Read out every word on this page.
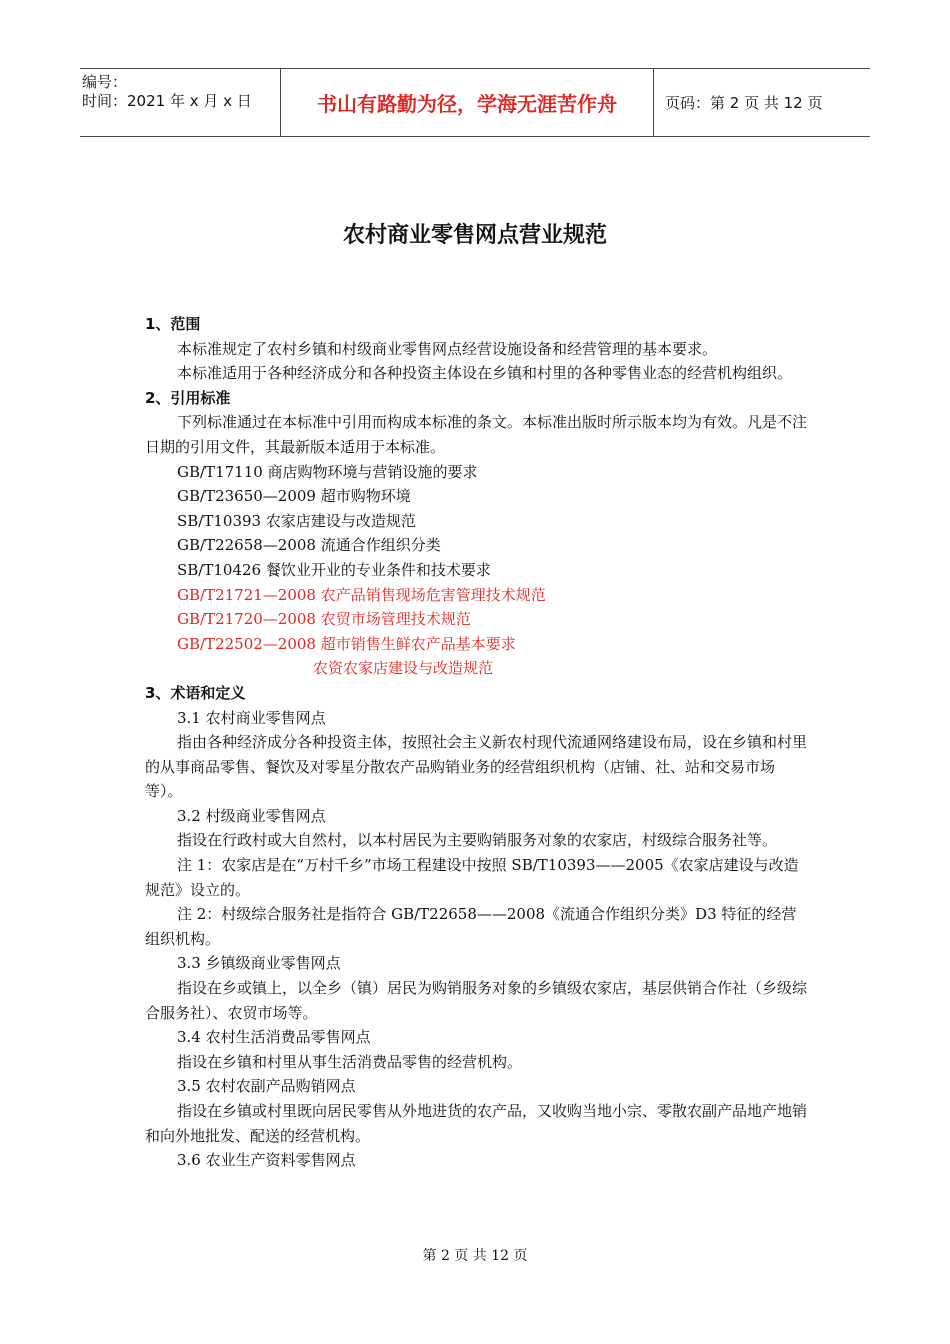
编号：
时间：2021 年 x 月 x 日	书山有路勤为径，学海无涯苦作舟	页码：第 2 页 共 12 页
农村商业零售网点营业规范

1、范围

本标准规定了农村乡镇和村级商业零售网点经营设施设备和经营管理的基本要求。

本标准适用于各种经济成分和各种投资主体设在乡镇和村里的各种零售业态的经营机构组织。

2、引用标准

下列标准通过在本标准中引用而构成本标准的条文。本标准出版时所示版本均为有效。凡是不注日期的引用文件，其最新版本适用于本标准。

GB/T17110 商店购物环境与营销设施的要求

GB/T23650—2009 超市购物环境

SB/T10393 农家店建设与改造规范

GB/T22658—2008 流通合作组织分类

SB/T10426 餐饮业开业的专业条件和技术要求

GB/T21721—2008 农产品销售现场危害管理技术规范

GB/T21720—2008 农贸市场管理技术规范

GB/T22502—2008 超市销售生鲜农产品基本要求

农资农家店建设与改造规范

3、术语和定义

3.1 农村商业零售网点

指由各种经济成分各种投资主体，按照社会主义新农村现代流通网络建设布局，设在乡镇和村里的从事商品零售、餐饮及对零星分散农产品购销业务的经营组织机构（店铺、社、站和交易市场等）。

3.2 村级商业零售网点

指设在行政村或大自然村，以本村居民为主要购销服务对象的农家店，村级综合服务社等。

注 1：农家店是在“万村千乡”市场工程建设中按照 SB/T10393——2005《农家店建设与改造规范》设立的。

注 2：村级综合服务社是指符合 GB/T22658——2008《流通合作组织分类》D3 特征的经营组织机构。

3.3 乡镇级商业零售网点

指设在乡或镇上，以全乡（镇）居民为购销服务对象的乡镇级农家店，基层供销合作社（乡级综合服务社）、农贸市场等。

3.4 农村生活消费品零售网点

指设在乡镇和村里从事生活消费品零售的经营机构。

3.5 农村农副产品购销网点

指设在乡镇或村里既向居民零售从外地进货的农产品，又收购当地小宗、零散农副产品地产地销和向外地批发、配送的经营机构。

3.6 农业生产资料零售网点

第 2 页 共 12 页
